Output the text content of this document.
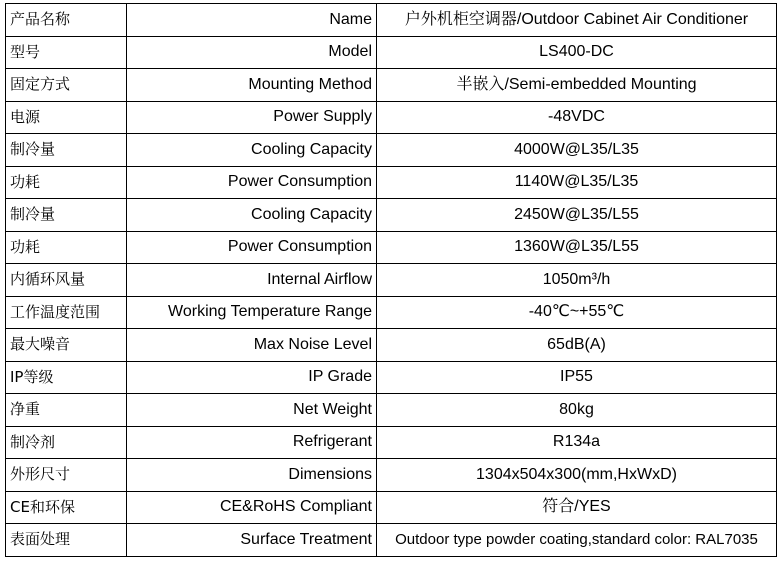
产品名称	Name	户外机柜空调器/Outdoor Cabinet Air Conditioner
型号	Model	LS400-DC
固定方式	Mounting Method	半嵌入/Semi-embedded Mounting
电源	Power Supply	-48VDC
制冷量	Cooling Capacity	4000W@L35/L35
功耗	Power Consumption	1140W@L35/L35
制冷量	Cooling Capacity	2450W@L35/L55
功耗	Power Consumption	1360W@L35/L55
内循环风量	Internal Airflow	1050m³/h
工作温度范围	Working Temperature Range	-40℃~+55℃
最大噪音	Max Noise Level	65dB(A)
IP等级	IP Grade	IP55
净重	Net Weight	80kg
制冷剂	Refrigerant	R134a
外形尺寸	Dimensions	1304x504x300(mm,HxWxD)
CE和环保	CE&RoHS Compliant	符合/YES
表面处理	Surface Treatment	Outdoor type powder coating,standard color: RAL7035
